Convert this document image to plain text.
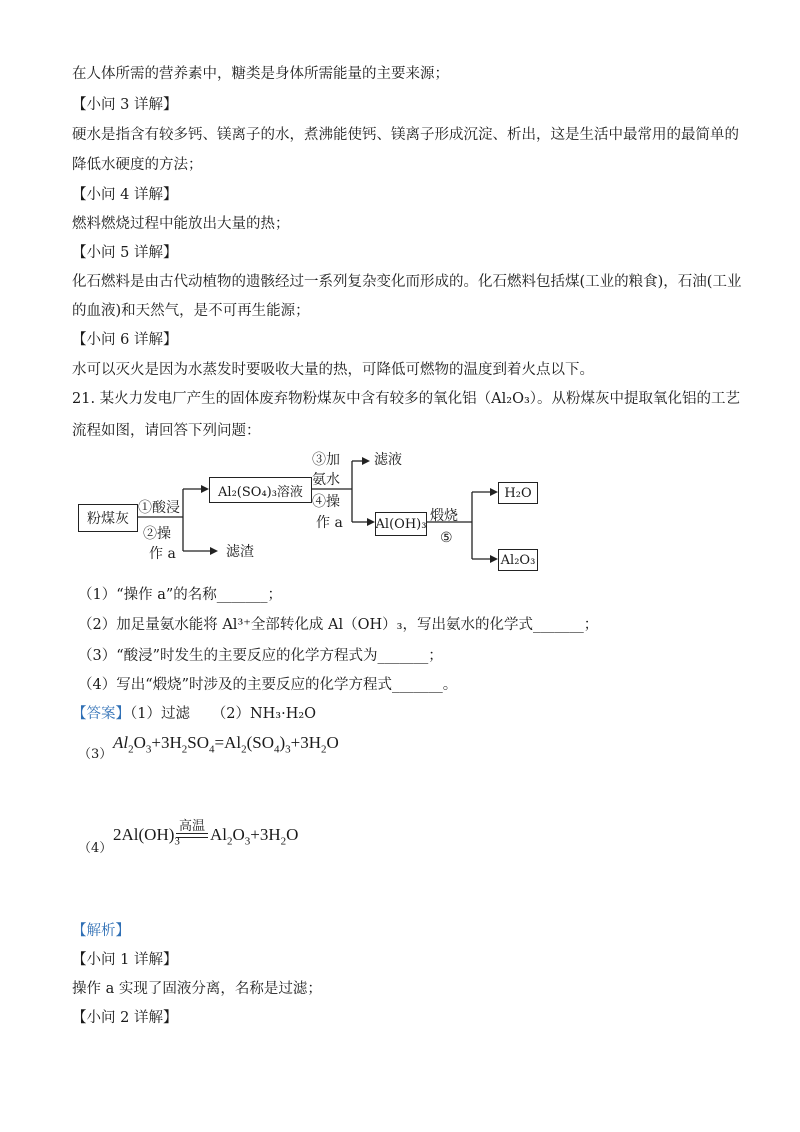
在人体所需的营养素中，糖类是身体所需能量的主要来源；
【小问 3 详解】
硬水是指含有较多钙、镁离子的水，煮沸能使钙、镁离子形成沉淀、析出，这是生活中最常用的最简单的
降低水硬度的方法；
【小问 4 详解】
燃料燃烧过程中能放出大量的热；
【小问 5 详解】
化石燃料是由古代动植物的遗骸经过一系列复杂变化而形成的。化石燃料包括煤(工业的粮食)，石油(工业
的血液)和天然气，是不可再生能源；
【小问 6 详解】
水可以灭火是因为水蒸发时要吸收大量的热，可降低可燃物的温度到着火点以下。
21. 某火力发电厂产生的固体废弃物粉煤灰中含有较多的氧化铝（Al₂O₃）。从粉煤灰中提取氧化铝的工艺
流程如图，请回答下列问题：
粉煤灰
①酸浸
②操
作 a	滤渣
Al₂(SO₄)₃溶液
③加
氨水
④操
作 a
滤液
Al(OH)₃ 煅烧
⑤
H₂O
Al₂O₃
（1）“操作 a”的名称_______；
（2）加足量氨水能将 Al³⁺全部转化成 Al（OH）₃，写出氨水的化学式_______；
（3）“酸浸”时发生的主要反应的化学方程式为_______；
（4）写出“煅烧”时涉及的主要反应的化学方程式_______。
【答案】（1）过滤　　（2）NH₃·H₂O
（3）
$Al_2O_3+3H_2SO_4=Al_2(SO_4)_3+3H_2O$
（4）
$2Al(OH)_3$
高温 $Al_2O_3+3H_2O$
【解析】
【小问 1 详解】
操作 a 实现了固液分离，名称是过滤；
【小问 2 详解】
